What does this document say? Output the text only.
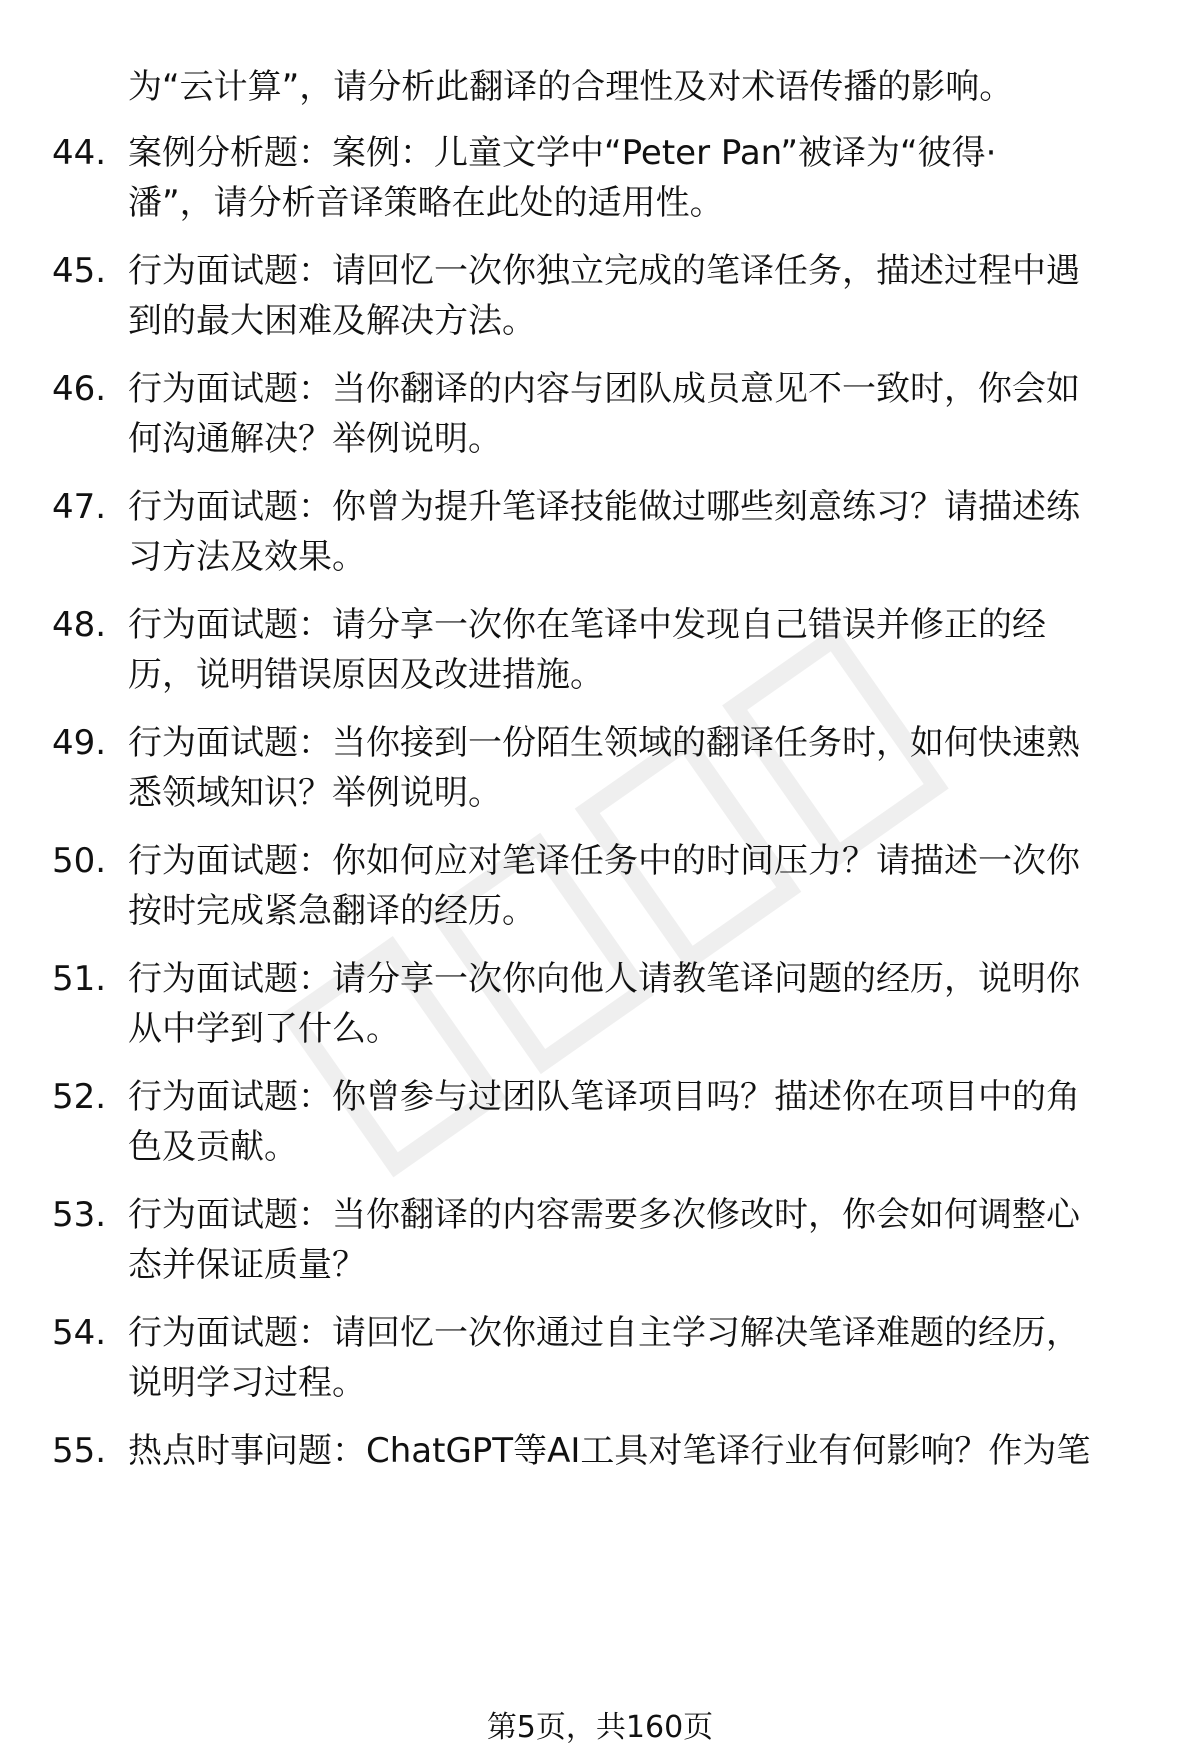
为“云计算”，请分析此翻译的合理性及对术语传播的影响。

44. 案例分析题：案例：儿童文学中“Peter Pan”被译为“彼得·
潘”，请分析音译策略在此处的适用性。

45. 行为面试题：请回忆一次你独立完成的笔译任务，描述过程中遇
到的最大困难及解决方法。

46. 行为面试题：当你翻译的内容与团队成员意见不一致时，你会如
何沟通解决？举例说明。

47. 行为面试题：你曾为提升笔译技能做过哪些刻意练习？请描述练
习方法及效果。

48. 行为面试题：请分享一次你在笔译中发现自己错误并修正的经
历，说明错误原因及改进措施。

49. 行为面试题：当你接到一份陌生领域的翻译任务时，如何快速熟
悉领域知识？举例说明。

50. 行为面试题：你如何应对笔译任务中的时间压力？请描述一次你
按时完成紧急翻译的经历。

51. 行为面试题：请分享一次你向他人请教笔译问题的经历，说明你
从中学到了什么。

52. 行为面试题：你曾参与过团队笔译项目吗？描述你在项目中的角
色及贡献。

53. 行为面试题：当你翻译的内容需要多次修改时，你会如何调整心
态并保证质量？

54. 行为面试题：请回忆一次你通过自主学习解决笔译难题的经历，
说明学习过程。

55. 热点时事问题：ChatGPT等AI工具对笔译行业有何影响？作为笔

第5页，共160页
